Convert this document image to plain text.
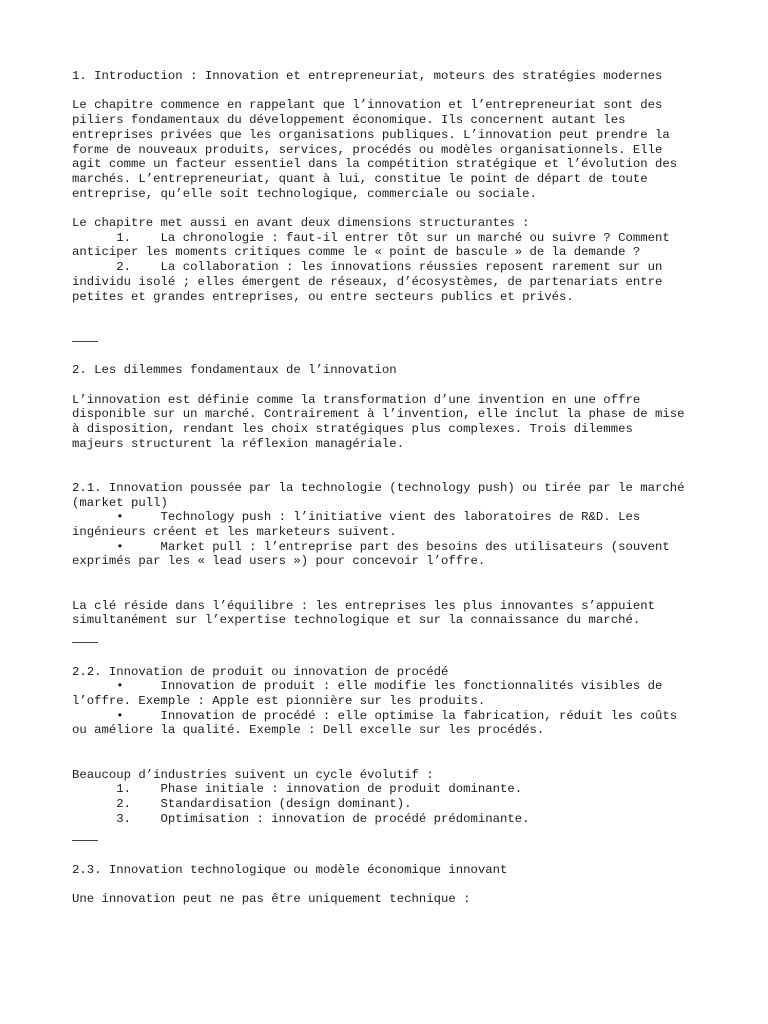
1. Introduction : Innovation et entrepreneuriat, moteurs des stratégies modernes
Le chapitre commence en rappelant que l’innovation et l’entrepreneuriat sont des
piliers fondamentaux du développement économique. Ils concernent autant les
entreprises privées que les organisations publiques. L’innovation peut prendre la
forme de nouveaux produits, services, procédés ou modèles organisationnels. Elle
agit comme un facteur essentiel dans la compétition stratégique et l’évolution des
marchés. L’entrepreneuriat, quant à lui, constitue le point de départ de toute
entreprise, qu’elle soit technologique, commerciale ou sociale.
Le chapitre met aussi en avant deux dimensions structurantes :
1.    La chronologie : faut-il entrer tôt sur un marché ou suivre ? Comment
anticiper les moments critiques comme le « point de bascule » de la demande ?
2.    La collaboration : les innovations réussies reposent rarement sur un
individu isolé ; elles émergent de réseaux, d’écosystèmes, de partenariats entre
petites et grandes entreprises, ou entre secteurs publics et privés.
2. Les dilemmes fondamentaux de l’innovation
L’innovation est définie comme la transformation d’une invention en une offre
disponible sur un marché. Contrairement à l’invention, elle inclut la phase de mise
à disposition, rendant les choix stratégiques plus complexes. Trois dilemmes
majeurs structurent la réflexion managériale.
2.1. Innovation poussée par la technologie (technology push) ou tirée par le marché
(market pull)
•     Technology push : l’initiative vient des laboratoires de R&D. Les
ingénieurs créent et les marketeurs suivent.
•     Market pull : l’entreprise part des besoins des utilisateurs (souvent
exprimés par les « lead users ») pour concevoir l’offre.
La clé réside dans l’équilibre : les entreprises les plus innovantes s’appuient
simultanément sur l’expertise technologique et sur la connaissance du marché.
2.2. Innovation de produit ou innovation de procédé
•     Innovation de produit : elle modifie les fonctionnalités visibles de
l’offre. Exemple : Apple est pionnière sur les produits.
•     Innovation de procédé : elle optimise la fabrication, réduit les coûts
ou améliore la qualité. Exemple : Dell excelle sur les procédés.
Beaucoup d’industries suivent un cycle évolutif :
1.    Phase initiale : innovation de produit dominante.
2.    Standardisation (design dominant).
3.    Optimisation : innovation de procédé prédominante.
2.3. Innovation technologique ou modèle économique innovant
Une innovation peut ne pas être uniquement technique :
